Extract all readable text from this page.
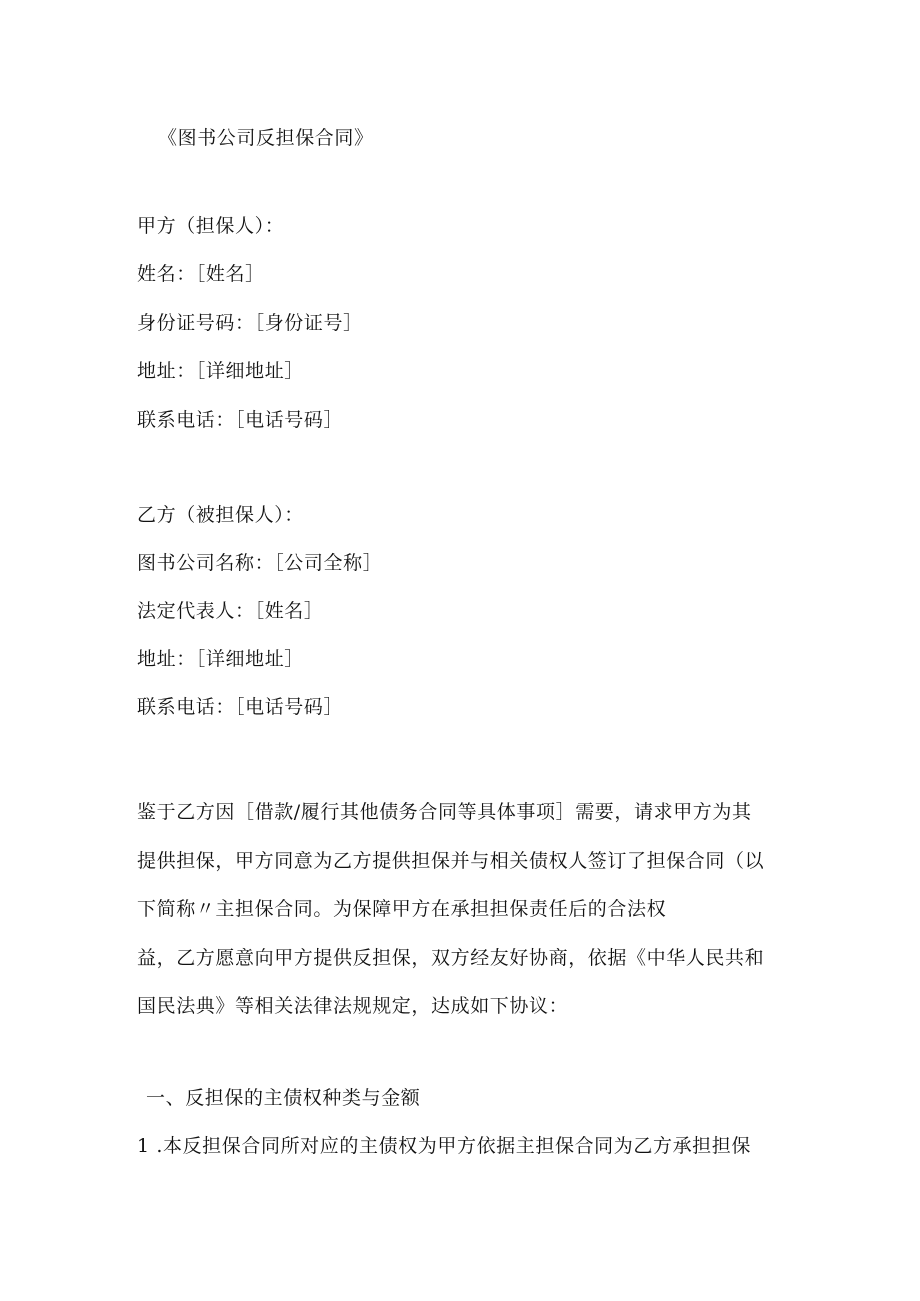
《图书公司反担保合同》
甲方（担保人）：
姓名：［姓名］
身份证号码：［身份证号］
地址：［详细地址］
联系电话：［电话号码］
乙方（被担保人）：
图书公司名称：［公司全称］
法定代表人：［姓名］
地址：［详细地址］
联系电话：［电话号码］
鉴于乙方因［借款/履行其他债务合同等具体事项］需要，请求甲方为其
提供担保，甲方同意为乙方提供担保并与相关债权人签订了担保合同（以
下简称〃主担保合同。为保障甲方在承担担保责任后的合法权
益，乙方愿意向甲方提供反担保，双方经友好协商，依据《中华人民共和
国民法典》等相关法律法规规定，达成如下协议：
一、反担保的主债权种类与金额
1 .本反担保合同所对应的主债权为甲方依据主担保合同为乙方承担担保
